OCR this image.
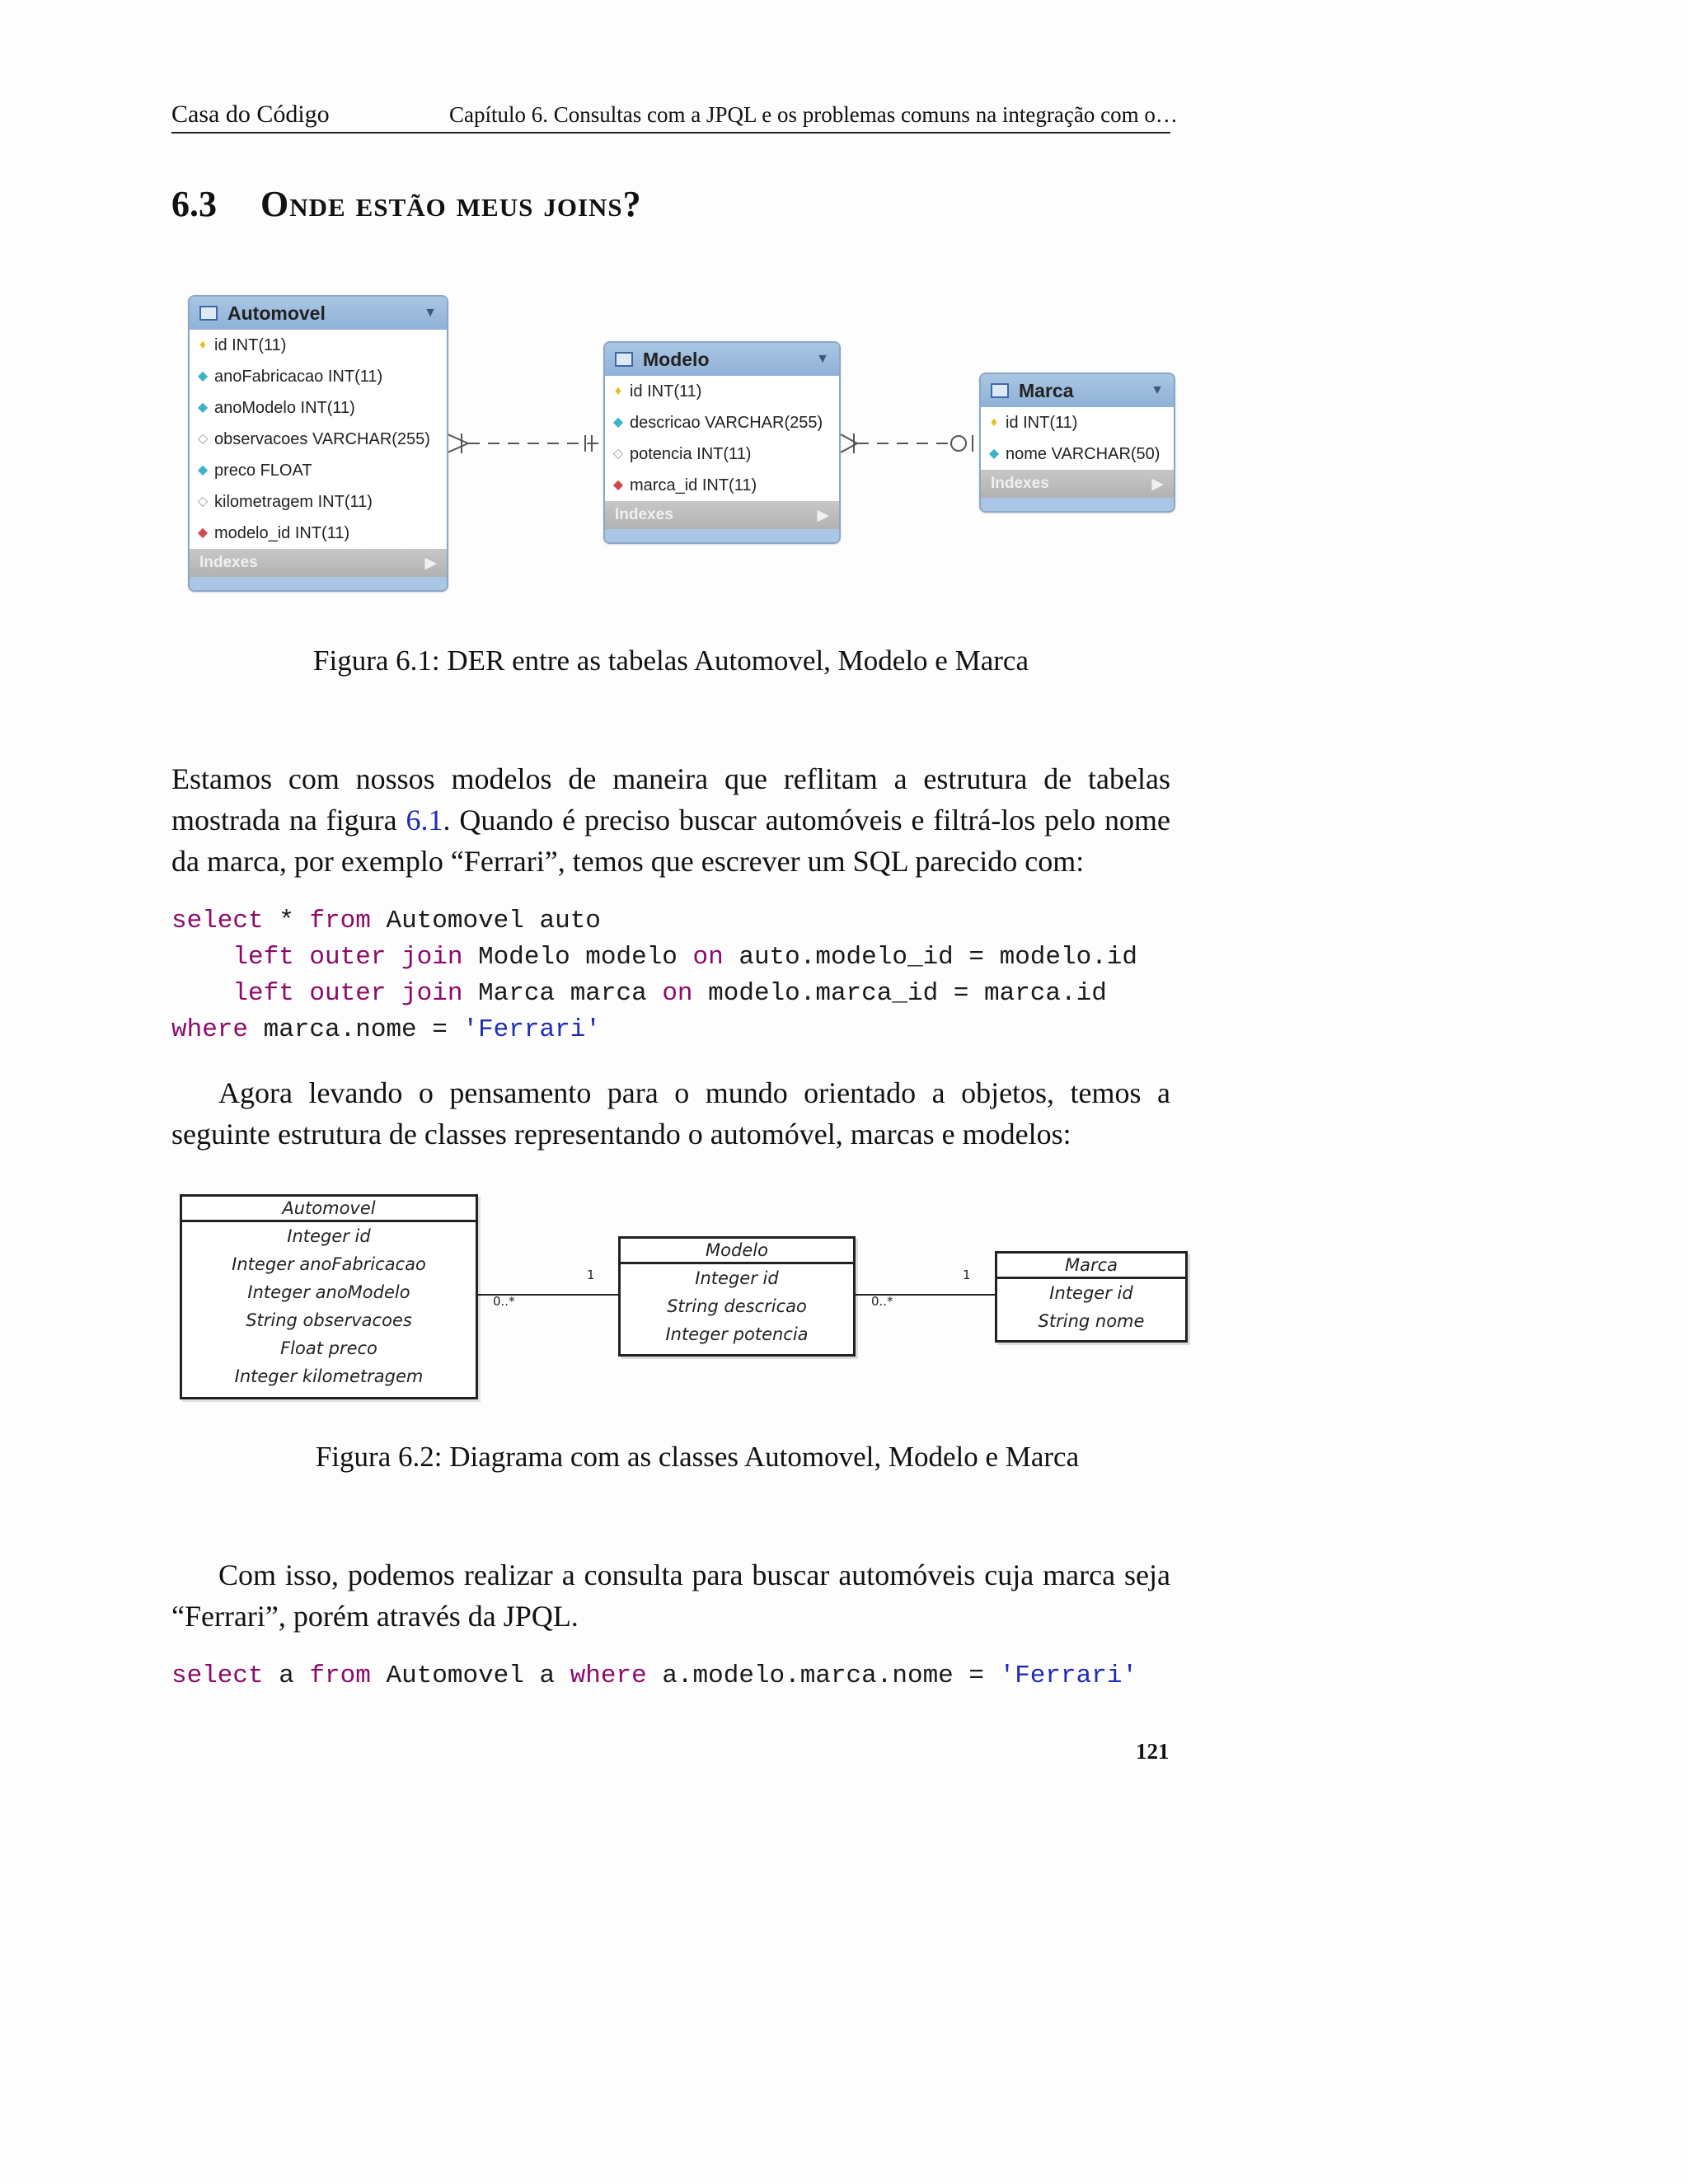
Casa do Código	Capítulo 6. Consultas com a JPQL e os problemas comuns na integração com o…
6.3 Onde estão meus joins?
Automovel	▼
♦ id INT(11)
◆ anoFabricacao INT(11)
◆ anoModelo INT(11)
◇ observacoes VARCHAR(255)
◆ preco FLOAT
◇ kilometragem INT(11)
◆ modelo_id INT(11)
Indexes	▶
Modelo	▼
♦ id INT(11)
◆ descricao VARCHAR(255)
◇ potencia INT(11)
◆ marca_id INT(11)
Indexes	▶
Marca	▼
♦ id INT(11)
◆ nome VARCHAR(50)
Indexes	▶
Figura 6.1: DER entre as tabelas Automovel, Modelo e Marca
Estamos com nossos modelos de maneira que reflitam a estrutura de tabelas mostrada na figura 6.1. Quando é preciso buscar automóveis e filtrá-los pelo nome da marca, por exemplo “Ferrari”, temos que escrever um SQL parecido com:
select * from Automovel auto
left outer join Modelo modelo on auto.modelo_id = modelo.id
left outer join Marca marca on modelo.marca_id = marca.id
where marca.nome = 'Ferrari'
Agora levando o pensamento para o mundo orientado a objetos, temos a seguinte estrutura de classes representando o automóvel, marcas e modelos:
Automovel
Integer id
Integer anoFabricacao
Integer anoModelo
String observacoes
Float preco
Integer kilometragem
Modelo
Integer id
String descricao
Integer potencia
Marca
Integer id
String nome
0..*
1
0..*
1
Figura 6.2: Diagrama com as classes Automovel, Modelo e Marca
Com isso, podemos realizar a consulta para buscar automóveis cuja marca seja “Ferrari”, porém através da JPQL.
select a from Automovel a where a.modelo.marca.nome = 'Ferrari'
121
